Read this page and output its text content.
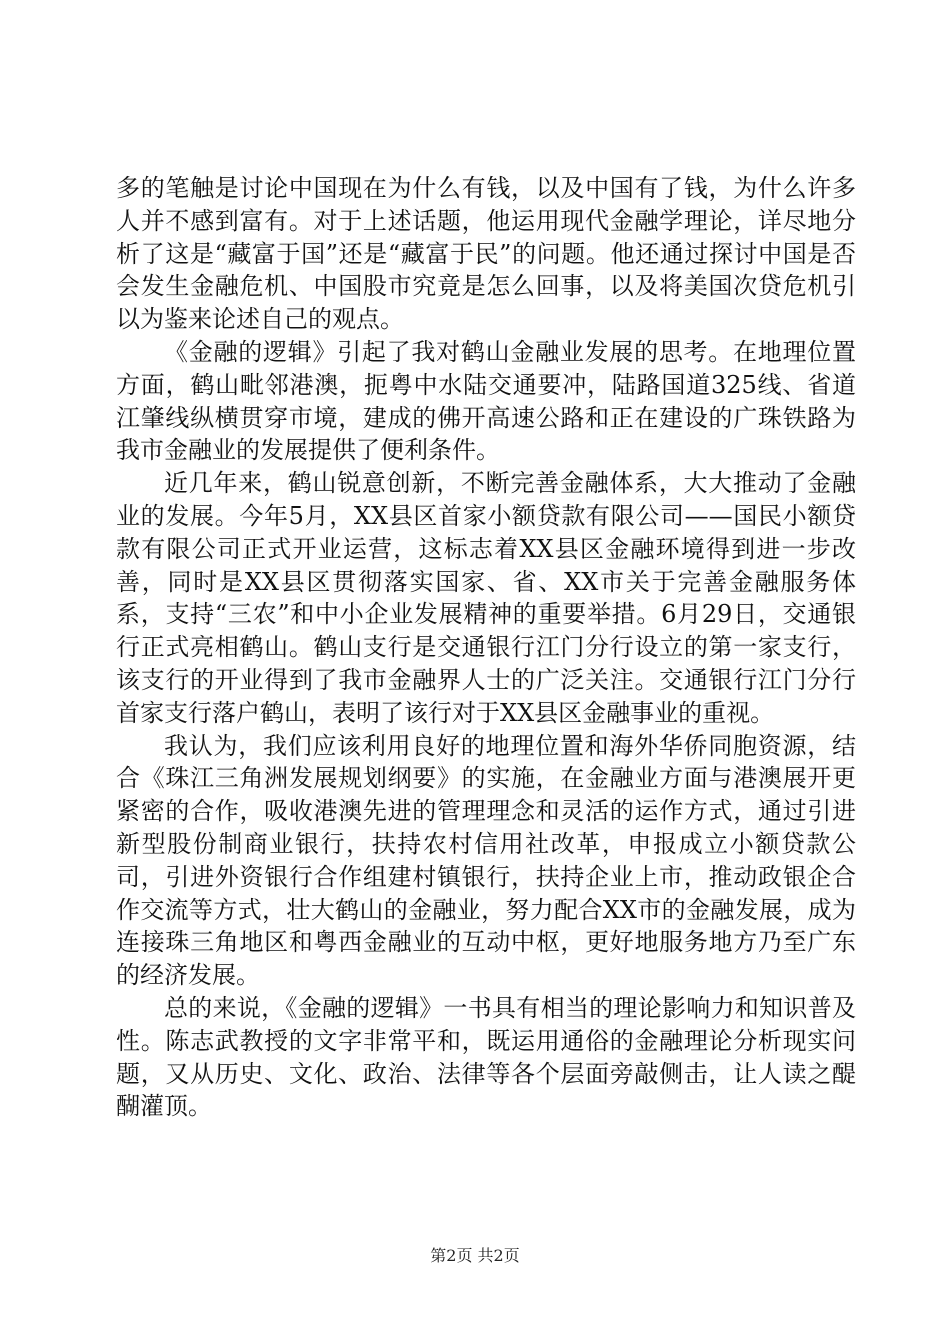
多的笔触是讨论中国现在为什么有钱，以及中国有了钱，为什么许多人并不感到富有。对于上述话题，他运用现代金融学理论，详尽地分析了这是“藏富于国”还是“藏富于民”的问题。他还通过探讨中国是否会发生金融危机、中国股市究竟是怎么回事，以及将美国次贷危机引以为鉴来论述自己的观点。

《金融的逻辑》引起了我对鹤山金融业发展的思考。在地理位置方面，鹤山毗邻港澳，扼粤中水陆交通要冲，陆路国道325线、省道江肇线纵横贯穿市境，建成的佛开高速公路和正在建设的广珠铁路为我市金融业的发展提供了便利条件。

近几年来，鹤山锐意创新，不断完善金融体系，大大推动了金融业的发展。今年5月，XX县区首家小额贷款有限公司——国民小额贷款有限公司正式开业运营，这标志着XX县区金融环境得到进一步改善，同时是XX县区贯彻落实国家、省、XX市关于完善金融服务体系，支持“三农”和中小企业发展精神的重要举措。6月29日，交通银行正式亮相鹤山。鹤山支行是交通银行江门分行设立的第一家支行，该支行的开业得到了我市金融界人士的广泛关注。交通银行江门分行首家支行落户鹤山，表明了该行对于XX县区金融事业的重视。

我认为，我们应该利用良好的地理位置和海外华侨同胞资源，结合《珠江三角洲发展规划纲要》的实施，在金融业方面与港澳展开更紧密的合作，吸收港澳先进的管理理念和灵活的运作方式，通过引进新型股份制商业银行，扶持农村信用社改革，申报成立小额贷款公司，引进外资银行合作组建村镇银行，扶持企业上市，推动政银企合作交流等方式，壮大鹤山的金融业，努力配合XX市的金融发展，成为连接珠三角地区和粤西金融业的互动中枢，更好地服务地方乃至广东的经济发展。

总的来说，《金融的逻辑》一书具有相当的理论影响力和知识普及性。陈志武教授的文字非常平和，既运用通俗的金融理论分析现实问题，又从历史、文化、政治、法律等各个层面旁敲侧击，让人读之醍醐灌顶。

第2页 共2页
